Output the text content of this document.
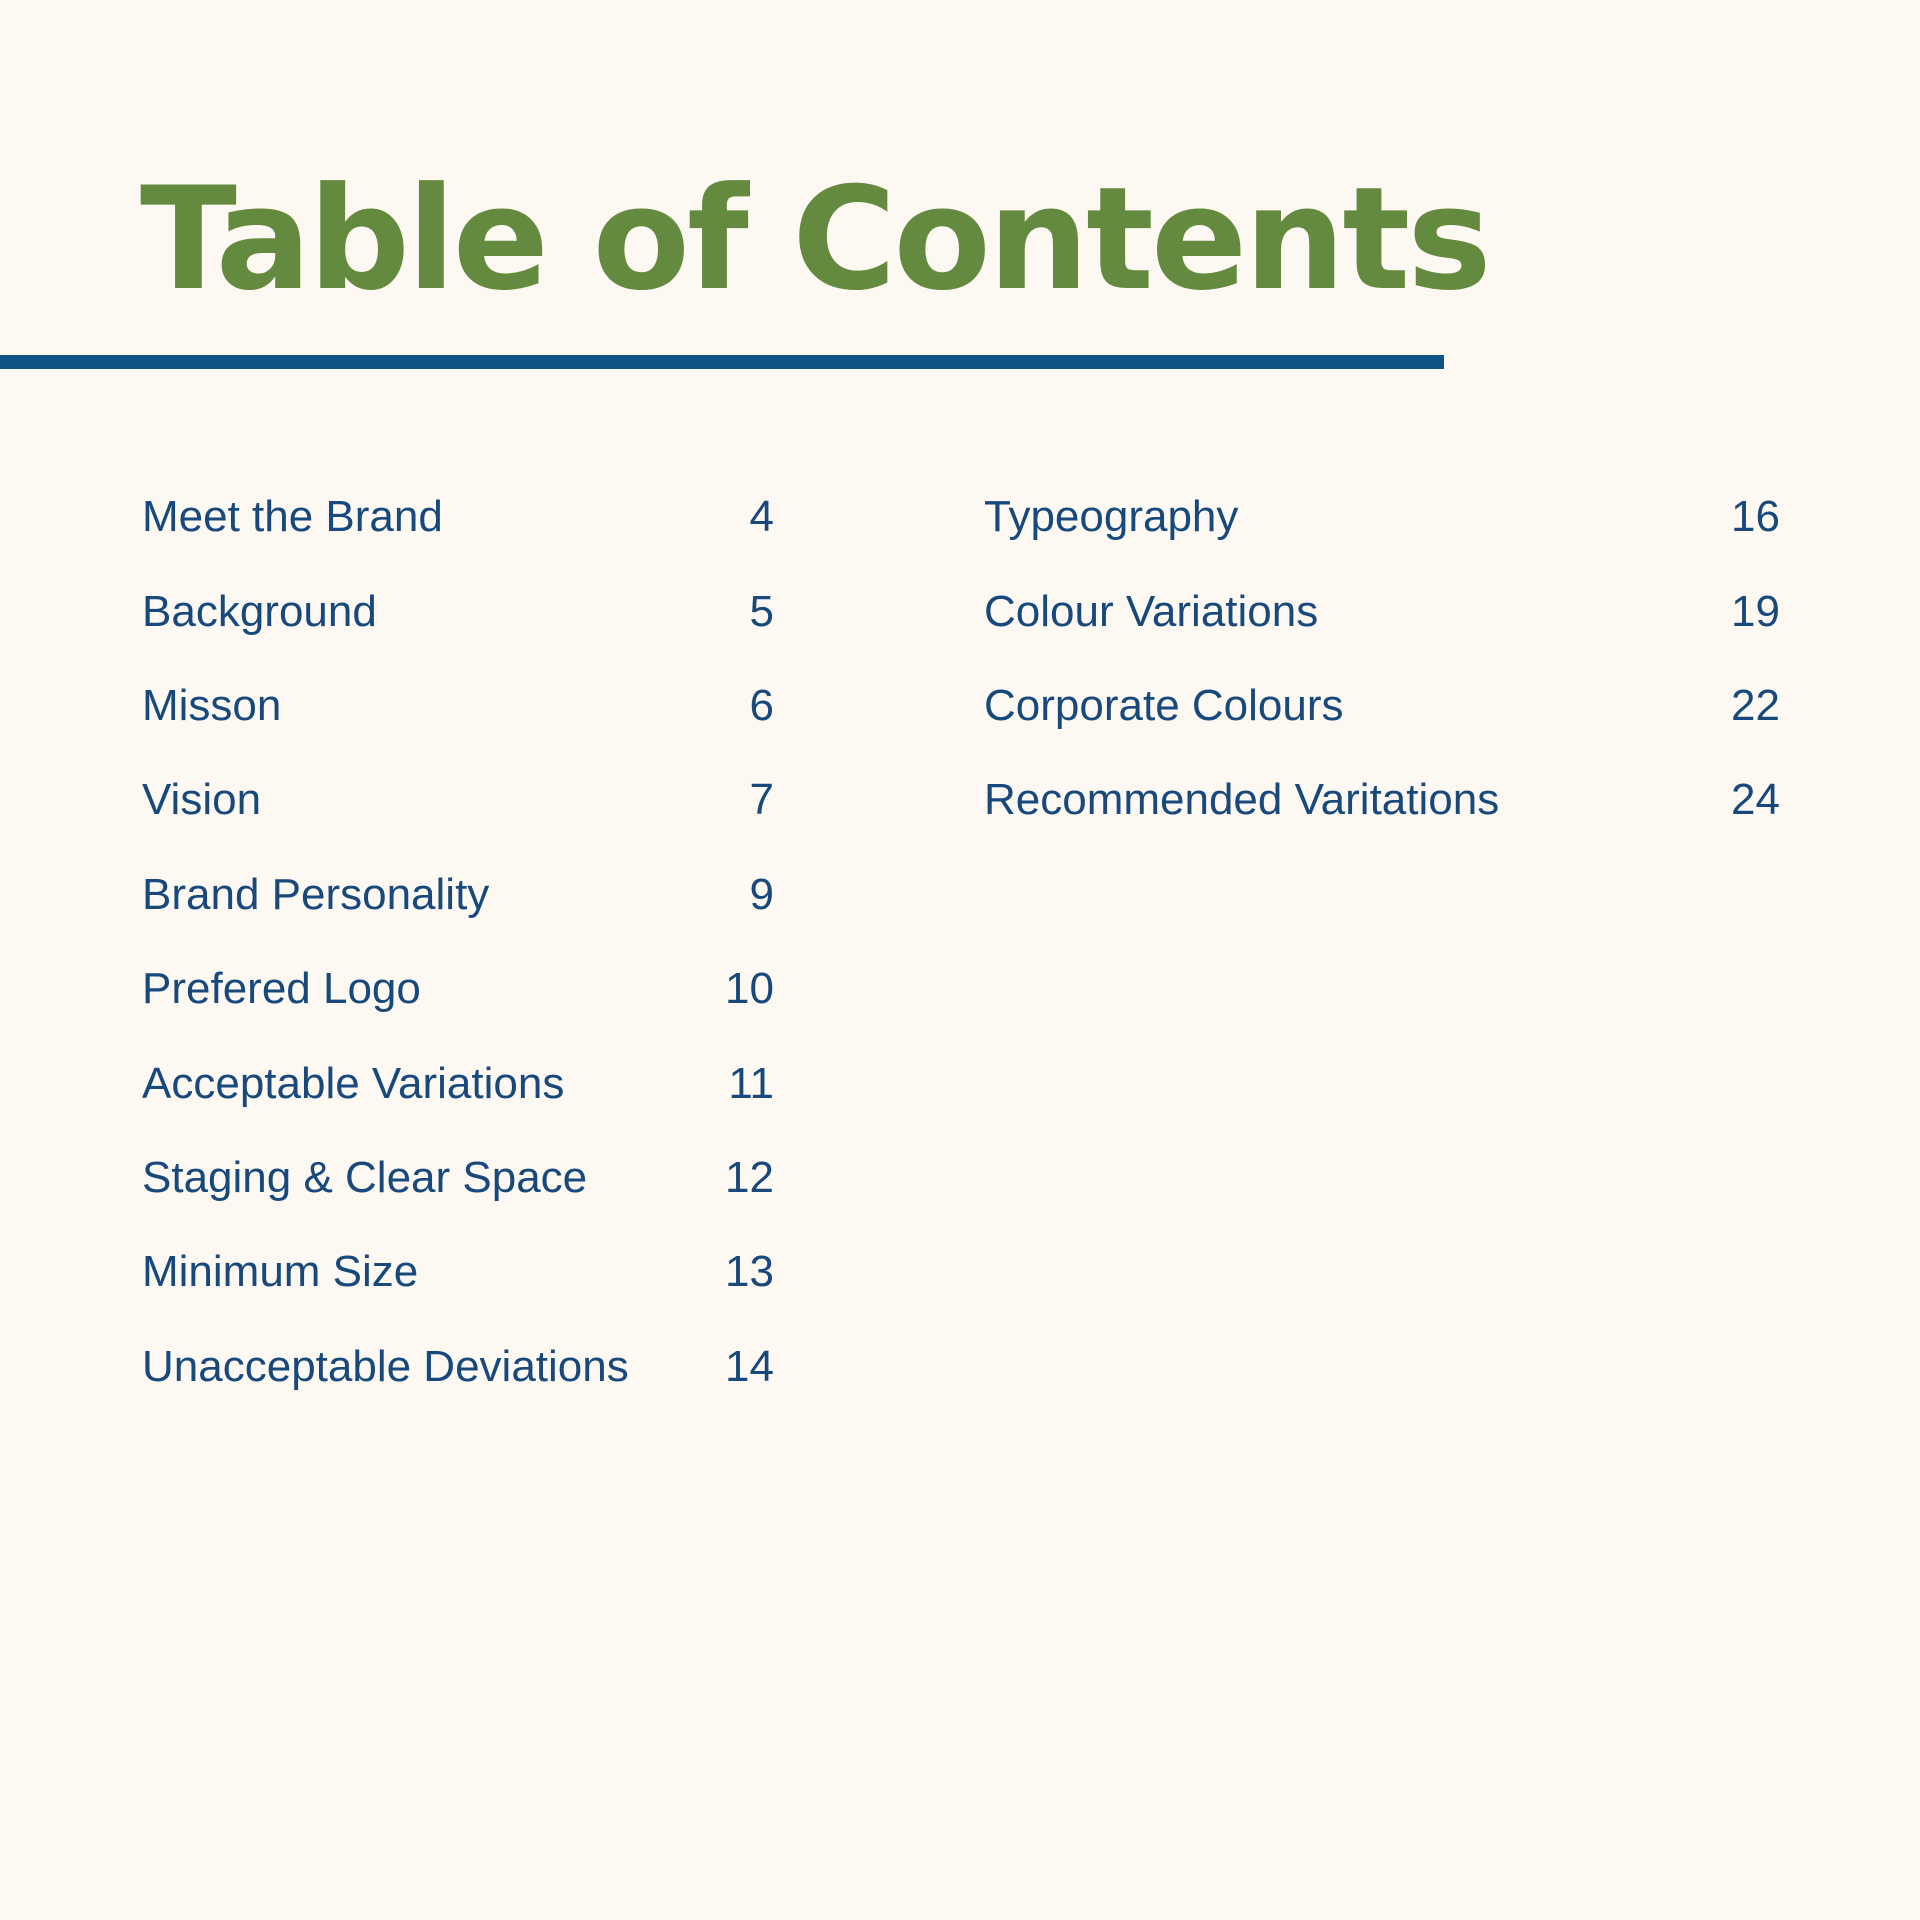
Table of Contents
Meet the Brand	4
Background	5
Misson	6
Vision	7
Brand Personality	9
Prefered Logo	10
Acceptable Variations	11
Staging & Clear Space	12
Minimum Size	13
Unacceptable Deviations 14
Typeography	16
Colour Variations	19
Corporate Colours	22
Recommended Varitations	24
